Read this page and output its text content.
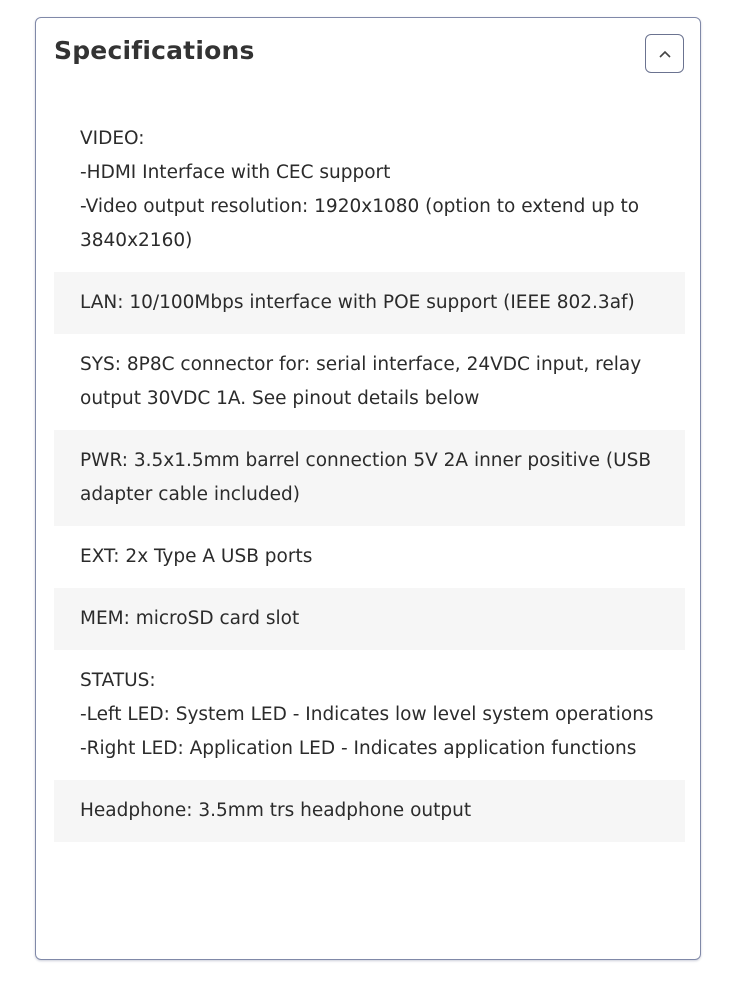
Specifications
VIDEO:
-HDMI Interface with CEC support
-Video output resolution: 1920x1080 (option to extend up to 3840x2160)
LAN: 10/100Mbps interface with POE support (IEEE 802.3af)
SYS: 8P8C connector for: serial interface, 24VDC input, relay output 30VDC 1A. See pinout details below
PWR: 3.5x1.5mm barrel connection 5V 2A inner positive (USB adapter cable included)
EXT: 2x Type A USB ports
MEM: microSD card slot
STATUS:
-Left LED: System LED - Indicates low level system operations
-Right LED: Application LED - Indicates application functions
Headphone: 3.5mm trs headphone output
